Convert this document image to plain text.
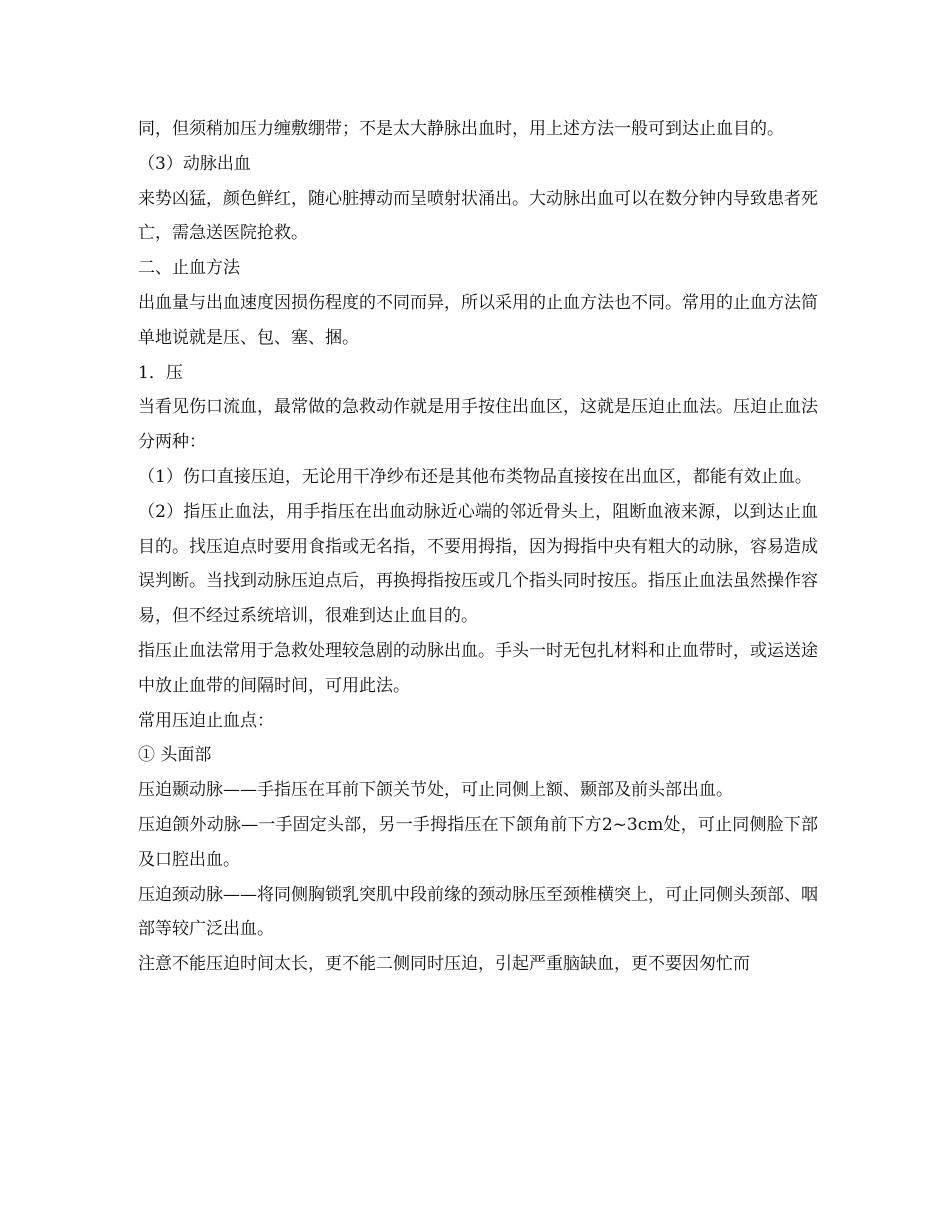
同，但须稍加压力缠敷绷带；不是太大静脉出血时，用上述方法一般可到达止血目的。

（3）动脉出血

来势凶猛，颜色鲜红，随心脏搏动而呈喷射状涌出。大动脉出血可以在数分钟内导致患者死亡，需急送医院抢救。

二、止血方法

出血量与出血速度因损伤程度的不同而异，所以采用的止血方法也不同。常用的止血方法简单地说就是压、包、塞、捆。

1．压

当看见伤口流血，最常做的急救动作就是用手按住出血区，这就是压迫止血法。压迫止血法分两种：

（1）伤口直接压迫，无论用干净纱布还是其他布类物品直接按在出血区，都能有效止血。

（2）指压止血法，用手指压在出血动脉近心端的邻近骨头上，阻断血液来源，以到达止血目的。找压迫点时要用食指或无名指，不要用拇指，因为拇指中央有粗大的动脉，容易造成误判断。当找到动脉压迫点后，再换拇指按压或几个指头同时按压。指压止血法虽然操作容易，但不经过系统培训，很难到达止血目的。

指压止血法常用于急救处理较急剧的动脉出血。手头一时无包扎材料和止血带时，或运送途中放止血带的间隔时间，可用此法。

常用压迫止血点：

① 头面部

压迫颞动脉——手指压在耳前下颌关节处，可止同侧上额、颞部及前头部出血。

压迫颌外动脉—一手固定头部，另一手拇指压在下颌角前下方2~3cm处，可止同侧脸下部及口腔出血。

压迫颈动脉——将同侧胸锁乳突肌中段前缘的颈动脉压至颈椎横突上，可止同侧头颈部、咽部等较广泛出血。

注意不能压迫时间太长，更不能二侧同时压迫，引起严重脑缺血，更不要因匆忙而
